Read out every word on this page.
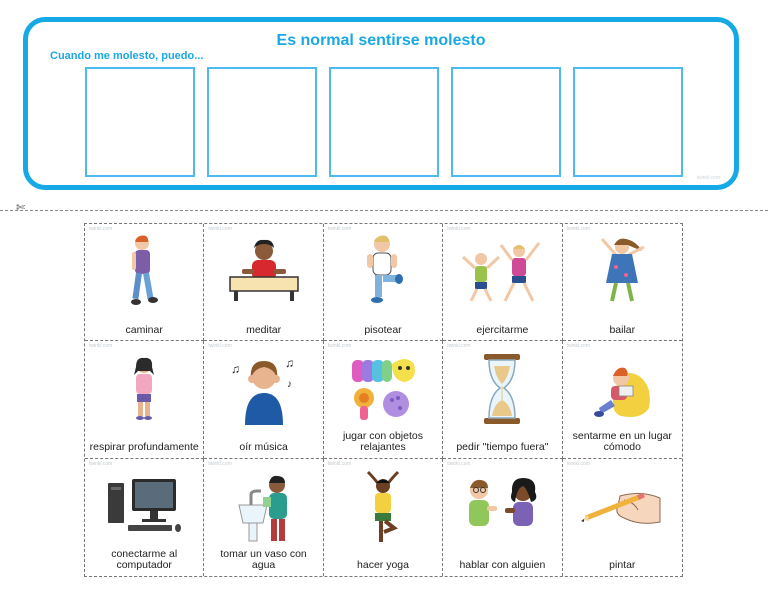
Es normal sentirse molesto
Cuando me molesto, puedo...
twinkl.com
✄
twinkl.com
caminar
twinkl.com
meditar
twinkl.com
pisotear
twinkl.com
ejercitarme
twinkl.com
bailar
twinkl.com
respirar profundamente
twinkl.com
♫	♫
♪
oír música
twinkl.com
jugar con objetos relajantes
twinkl.com
pedir "tiempo fuera"
twinkl.com
sentarme en un lugar cómodo
twinkl.com
conectarme al computador
twinkl.com
tomar un vaso con agua
twinkl.com
hacer yoga
twinkl.com
hablar con alguien
twinkl.com
pintar
